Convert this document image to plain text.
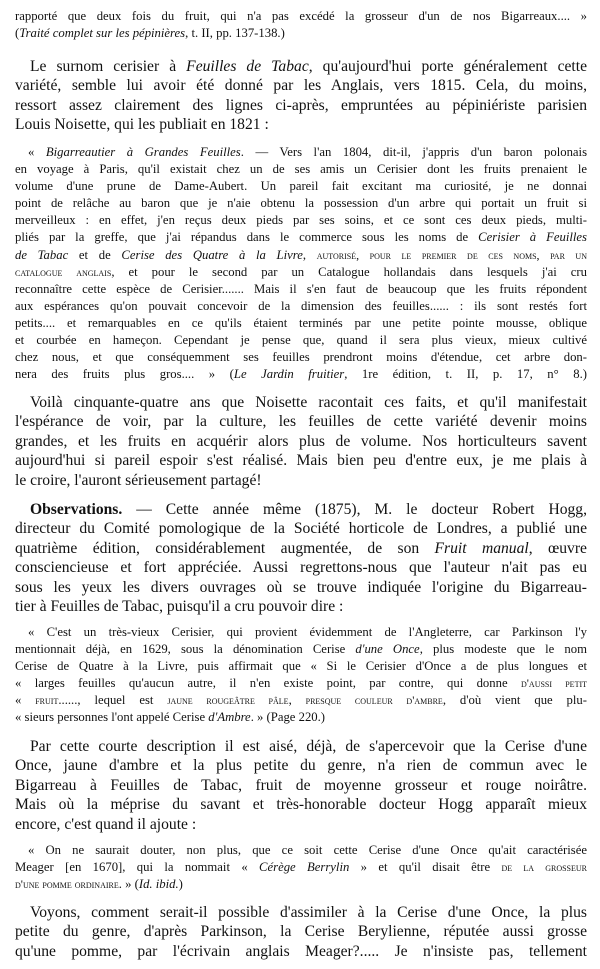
rapporté que deux fois du fruit, qui n'a pas excédé la grosseur d'un de nos Bigarreaux.... »
(Traité complet sur les pépinières, t. II, pp. 137-138.)
Le surnom cerisier à Feuilles de Tabac, qu'aujourd'hui porte généralement cette
variété, semble lui avoir été donné par les Anglais, vers 1815. Cela, du moins,
ressort assez clairement des lignes ci-après, empruntées au pépiniériste parisien
Louis Noisette, qui les publiait en 1821 :
« Bigarreautier à Grandes Feuilles. — Vers l'an 1804, dit-il, j'appris d'un baron polonais
en voyage à Paris, qu'il existait chez un de ses amis un Cerisier dont les fruits prenaient le
volume d'une prune de Dame-Aubert. Un pareil fait excitant ma curiosité, je ne donnai
point de relâche au baron que je n'aie obtenu la possession d'un arbre qui portait un fruit si
merveilleux : en effet, j'en reçus deux pieds par ses soins, et ce sont ces deux pieds, multi-
pliés par la greffe, que j'ai répandus dans le commerce sous les noms de Cerisier à Feuilles
de Tabac et de Cerise des Quatre à la Livre, autorisé, pour le premier de ces noms, par un
catalogue anglais, et pour le second par un Catalogue hollandais dans lesquels j'ai cru
reconnaître cette espèce de Cerisier....... Mais il s'en faut de beaucoup que les fruits répondent
aux espérances qu'on pouvait concevoir de la dimension des feuilles...... : ils sont restés fort
petits.... et remarquables en ce qu'ils étaient terminés par une petite pointe mousse, oblique
et courbée en hameçon. Cependant je pense que, quand il sera plus vieux, mieux cultivé
chez nous, et que conséquemment ses feuilles prendront moins d'étendue, cet arbre don-
nera des fruits plus gros.... » (Le Jardin fruitier, 1re édition, t. II, p. 17, n° 8.)
Voilà cinquante-quatre ans que Noisette racontait ces faits, et qu'il manifestait
l'espérance de voir, par la culture, les feuilles de cette variété devenir moins
grandes, et les fruits en acquérir alors plus de volume. Nos horticulteurs savent
aujourd'hui si pareil espoir s'est réalisé. Mais bien peu d'entre eux, je me plais à
le croire, l'auront sérieusement partagé!
Observations. — Cette année même (1875), M. le docteur Robert Hogg,
directeur du Comité pomologique de la Société horticole de Londres, a publié une
quatrième édition, considérablement augmentée, de son Fruit manual, œuvre
consciencieuse et fort appréciée. Aussi regrettons-nous que l'auteur n'ait pas eu
sous les yeux les divers ouvrages où se trouve indiquée l'origine du Bigarreau-
tier à Feuilles de Tabac, puisqu'il a cru pouvoir dire :
« C'est un très-vieux Cerisier, qui provient évidemment de l'Angleterre, car Parkinson l'y
mentionnait déjà, en 1629, sous la dénomination Cerise d'une Once, plus modeste que le nom
Cerise de Quatre à la Livre, puis affirmait que « Si le Cerisier d'Once a de plus longues et
« larges feuilles qu'aucun autre, il n'en existe point, par contre, qui donne d'aussi petit
« fruit......, lequel est jaune rougeâtre pâle, presque couleur d'ambre, d'où vient que plu-
« sieurs personnes l'ont appelé Cerise d'Ambre. » (Page 220.)
Par cette courte description il est aisé, déjà, de s'apercevoir que la Cerise d'une
Once, jaune d'ambre et la plus petite du genre, n'a rien de commun avec le
Bigarreau à Feuilles de Tabac, fruit de moyenne grosseur et rouge noirâtre.
Mais où la méprise du savant et très-honorable docteur Hogg apparaît mieux
encore, c'est quand il ajoute :
« On ne saurait douter, non plus, que ce soit cette Cerise d'une Once qu'ait caractérisée
Meager [en 1670], qui la nommait « Cérège Berrylin » et qu'il disait être de la grosseur
d'une pomme ordinaire. » (Id. ibid.)
Voyons, comment serait-il possible d'assimiler à la Cerise d'une Once, la plus
petite du genre, d'après Parkinson, la Cerise Berylienne, réputée aussi grosse
qu'une pomme, par l'écrivain anglais Meager?..... Je n'insiste pas, tellement
